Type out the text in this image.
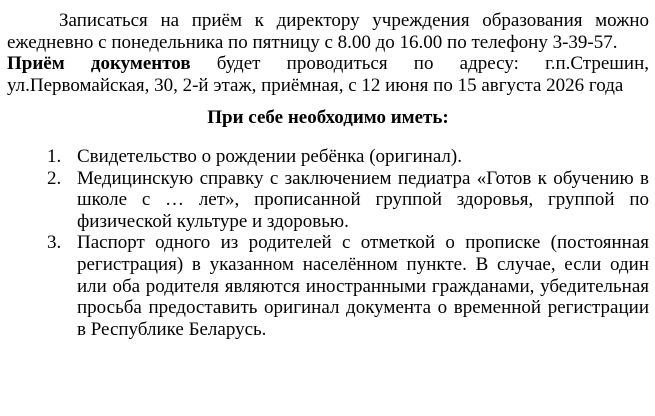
Записаться на приём к директору учреждения образования можно ежедневно с понедельника по пятницу с 8.00 до 16.00 по телефону 3-39-57.

Приём документов будет проводиться по адресу: г.п.Стрешин, ул.Первомайская, 30, 2-й этаж, приёмная, с 12 июня по 15 августа 2026 года

При себе необходимо иметь:

1. Свидетельство о рождении ребёнка (оригинал).
2. Медицинскую справку с заключением педиатра «Готов к обучению в школе с … лет», прописанной группой здоровья, группой по физической культуре и здоровью.
3. Паспорт одного из родителей с отметкой о прописке (постоянная регистрация) в указанном населённом пункте. В случае, если один или оба родителя являются иностранными гражданами, убедительная просьба предоставить оригинал документа о временной регистрации в Республике Беларусь.
